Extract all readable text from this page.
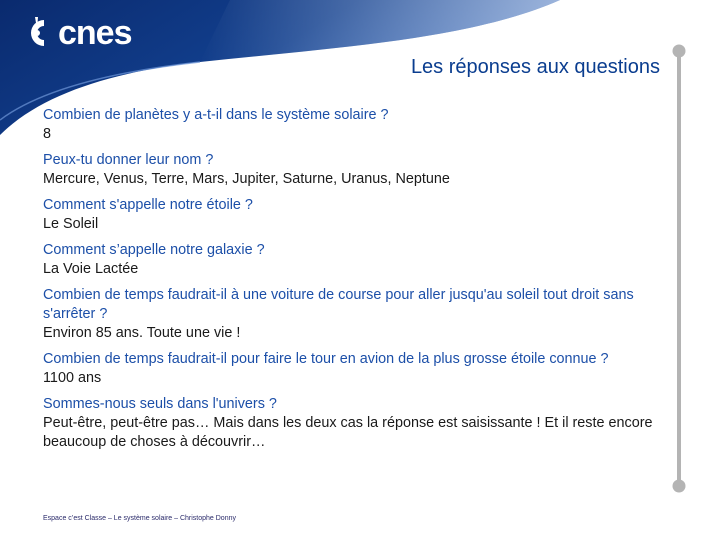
cnes
Les réponses aux questions
Combien de planètes y a-t-il dans le système solaire ?
8
Peux-tu donner leur nom ?
Mercure, Venus, Terre, Mars, Jupiter, Saturne, Uranus, Neptune
Comment s'appelle notre étoile ?
Le Soleil
Comment s’appelle notre galaxie ?
La Voie Lactée
Combien de temps faudrait-il à une voiture de course pour aller jusqu'au soleil tout droit sans s'arrêter ?
Environ 85 ans. Toute une vie !
Combien de temps faudrait-il pour faire le tour en avion de la plus grosse étoile connue ?
1100 ans
Sommes-nous seuls dans l'univers ?
Peut-être, peut-être pas… Mais dans les deux cas la réponse est saisissante ! Et il reste encore beaucoup de choses à découvrir…
Espace c’est Classe – Le système solaire – Christophe Donny
